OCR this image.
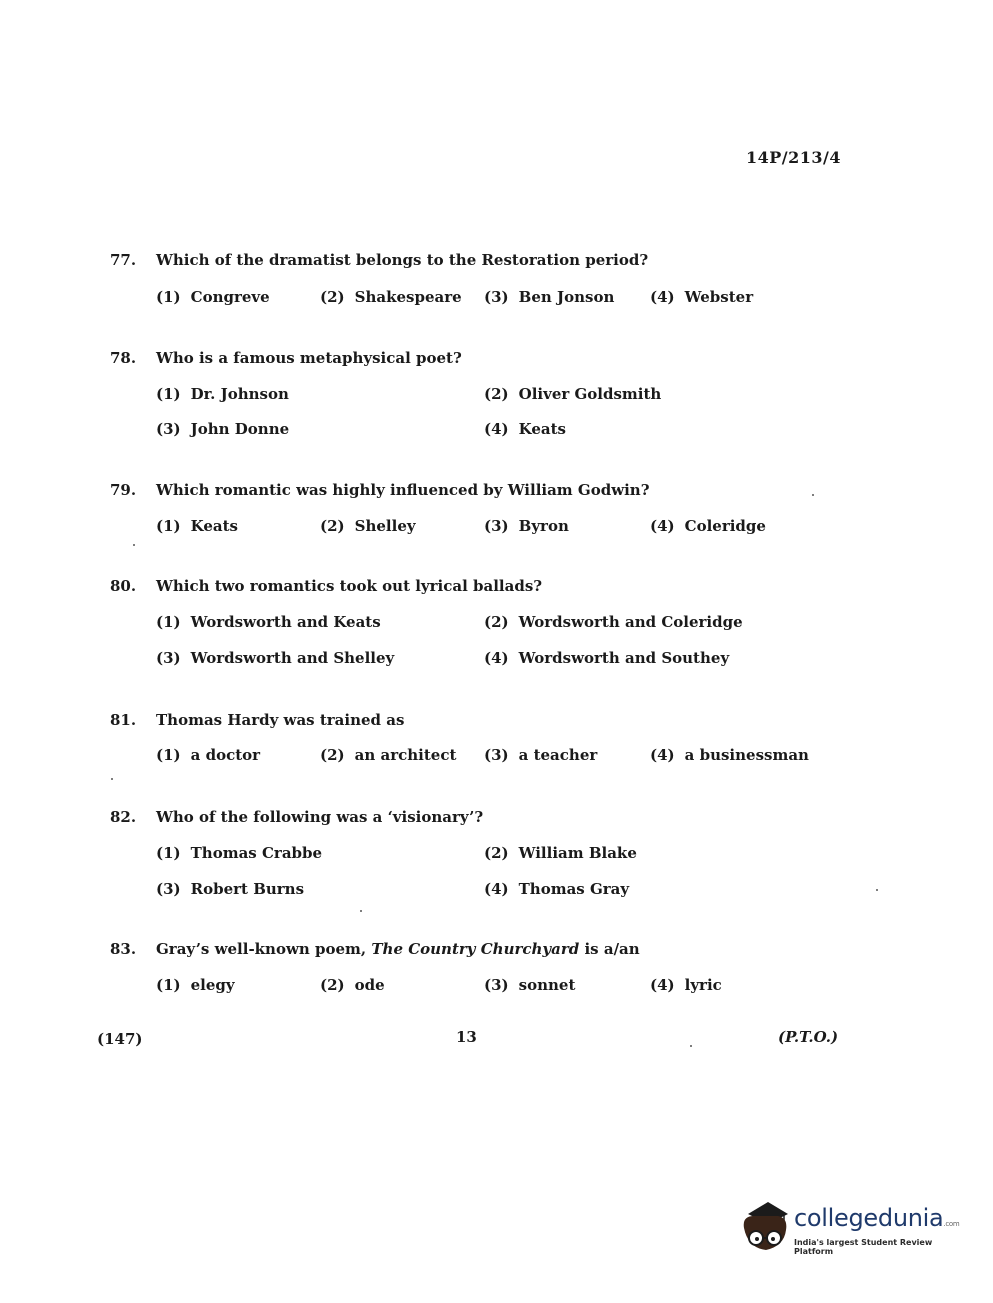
14P/213/4
77. Which of the dramatist belongs to the Restoration period?
(1) Congreve	(2) Shakespeare (3) Ben Jonson (4) Webster
78. Who is a famous metaphysical poet?
(1) Dr. Johnson	(2) Oliver Goldsmith
(3) John Donne	(4) Keats
79. Which romantic was highly influenced by William Godwin?
(1) Keats	(2) Shelley	(3) Byron	(4) Coleridge
80. Which two romantics took out lyrical ballads?
(1) Wordsworth and Keats	(2) Wordsworth and Coleridge
(3) Wordsworth and Shelley	(4) Wordsworth and Southey
81. Thomas Hardy was trained as
(1) a doctor	(2) an architect (3) a teacher	(4) a businessman
82. Who of the following was a ‘visionary’?
(1) Thomas Crabbe	(2) William Blake
(3) Robert Burns	(4) Thomas Gray
83. Gray’s well-known poem, The Country Churchyard is a/an
(1) elegy	(2) ode	(3) sonnet	(4) lyric
(147)	13	(P.T.O.)
collegedunia.com
India's largest Student Review Platform
